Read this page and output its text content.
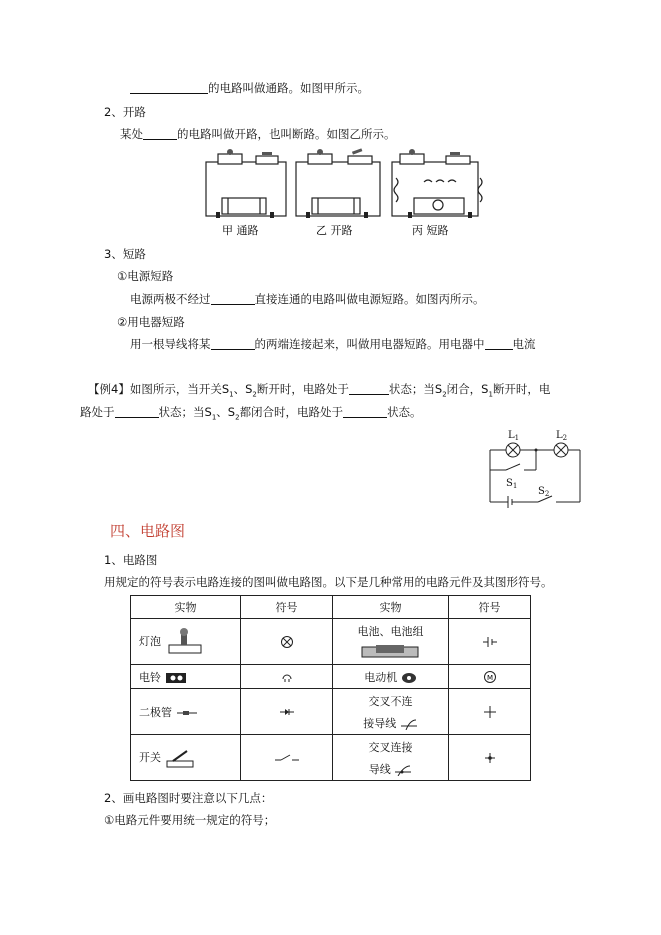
的电路叫做通路。如图甲所示。
2、开路
某处	的电路叫做开路，也叫断路。如图乙所示。
甲 通路	乙 开路	丙 短路
3、短路
①电源短路
电源两极不经过	直接连通的电路叫做电源短路。如图丙所示。
②用电器短路
用一根导线将某	的两端连接起来，叫做用电器短路。用电器中 电流
【例4】如图所示，当开关$S_1$、$S_2$断开时，电路处于	状态；当$S_2$闭合，$S_1$断开时，电
路处于	状态；当$S_1$、$S_2$都闭合时，电路处于	状态。
$L_1$	$L_2$
$S_1$ $S_2$
四、电路图
1、电路图
用规定的符号表示电路连接的图叫做电路图。以下是几种常用的电路元件及其图形符号。
实物	符号	实物	符号
灯泡		电池、电池组

电铃		电动机	M

二极管		交叉不连
接导线

开关		交叉连接
导线

2、画电路图时要注意以下几点：
①电路元件要用统一规定的符号；
